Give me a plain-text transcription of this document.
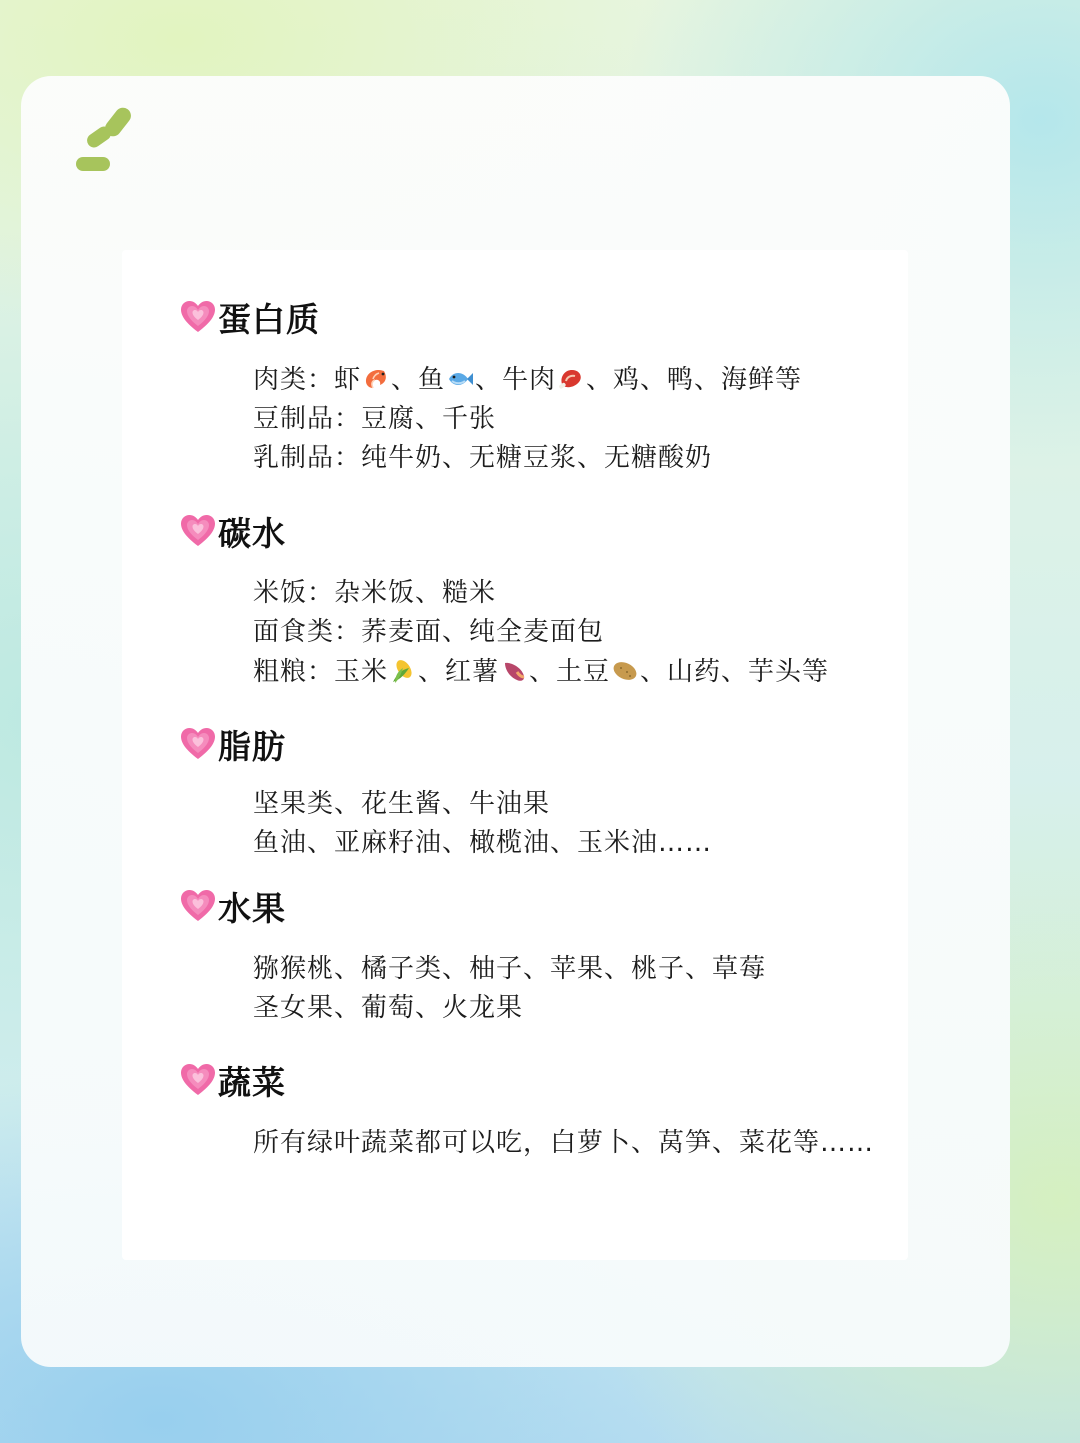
蛋白质
肉类：虾 、鱼 、牛肉 、鸡、鸭、海鲜等
豆制品：豆腐、千张
乳制品：纯牛奶、无糖豆浆、无糖酸奶
碳水
米饭：杂米饭、糙米
面食类：荞麦面、纯全麦面包
粗粮：玉米 、红薯 、土豆 、山药、芋头等
脂肪
坚果类、花生酱、牛油果
鱼油、亚麻籽油、橄榄油、玉米油……
水果
猕猴桃、橘子类、柚子、苹果、桃子、草莓
圣女果、葡萄、火龙果
蔬菜
所有绿叶蔬菜都可以吃，白萝卜、莴笋、菜花等……
